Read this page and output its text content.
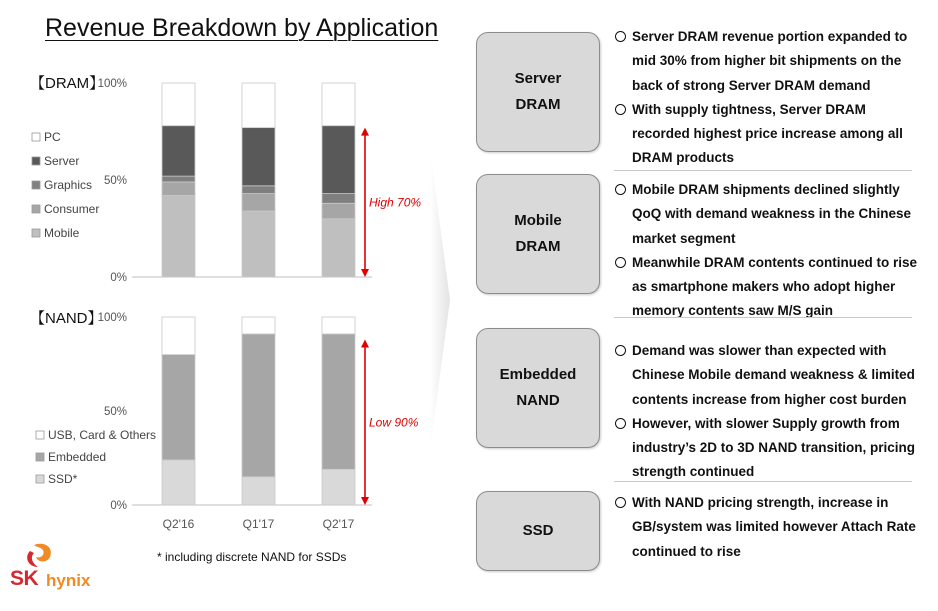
Revenue Breakdown by Application
【DRAM】
100%
50%
0%
PC
Server
Graphics
Consumer
Mobile
High 70%
【NAND】
100%
50%
0%
USB, Card & Others
Embedded
SSD*
Low 90%
Q2'16	Q1'17	Q2'17
Server
DRAM
Mobile
DRAM
Embedded
NAND
SSD
Server DRAM revenue portion expanded to mid 30% from higher bit shipments on the back of strong Server DRAM demand
With supply tightness, Server DRAM recorded highest price increase among all DRAM products
Mobile DRAM shipments declined slightly QoQ with demand weakness in the Chinese market segment
Meanwhile DRAM contents continued to rise as smartphone makers who adopt higher memory contents saw M/S gain
Demand was slower than expected with Chinese Mobile demand weakness & limited contents increase from higher cost burden
However, with slower Supply growth from industry’s 2D to 3D NAND transition, pricing strength continued
With NAND pricing strength, increase in GB/system was limited however Attach Rate continued to rise
* including discrete NAND for SSDs
SK hynix
